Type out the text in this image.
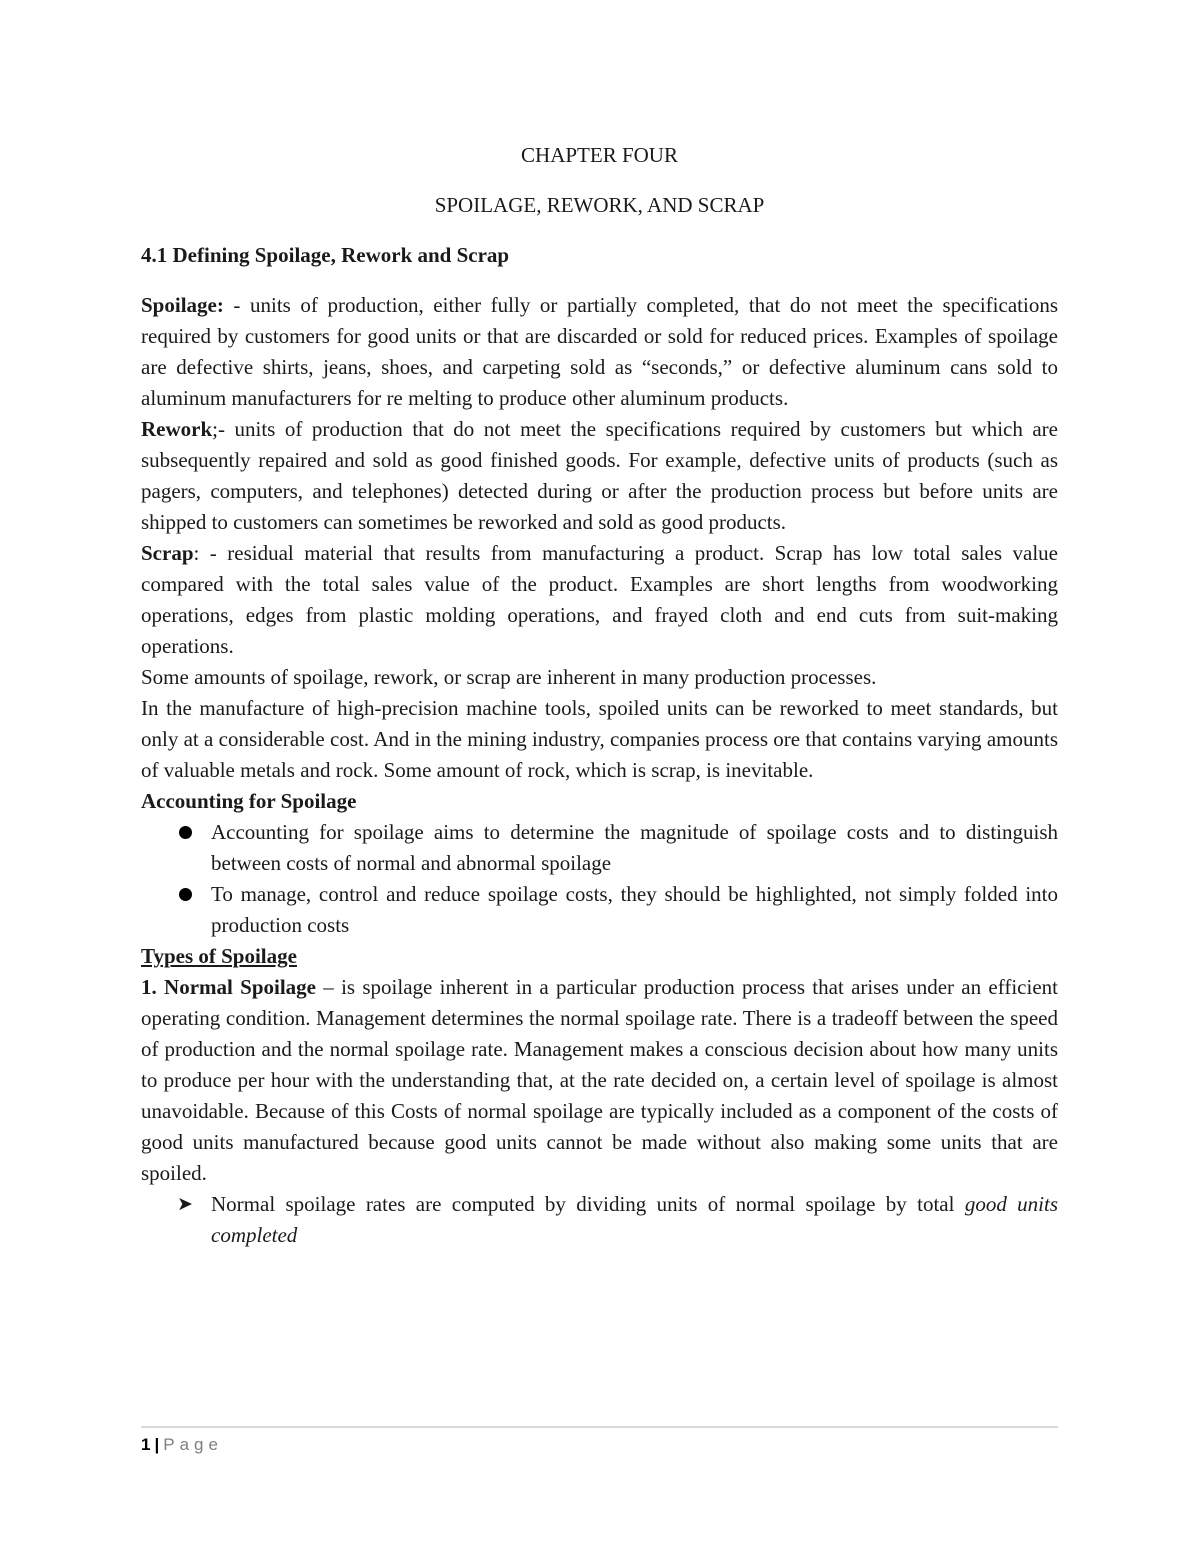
CHAPTER FOUR
SPOILAGE, REWORK, AND SCRAP
4.1 Defining Spoilage, Rework and Scrap

Spoilage: - units of production, either fully or partially completed, that do not meet the specifications required by customers for good units or that are discarded or sold for reduced prices. Examples of spoilage are defective shirts, jeans, shoes, and carpeting sold as “seconds,” or defective aluminum cans sold to aluminum manufacturers for re melting to produce other aluminum products.

Rework;- units of production that do not meet the specifications required by customers but which are subsequently repaired and sold as good finished goods. For example, defective units of products (such as pagers, computers, and telephones) detected during or after the production process but before units are shipped to customers can sometimes be reworked and sold as good products.

Scrap: - residual material that results from manufacturing a product. Scrap has low total sales value compared with the total sales value of the product. Examples are short lengths from woodworking operations, edges from plastic molding operations, and frayed cloth and end cuts from suit-making operations.

Some amounts of spoilage, rework, or scrap are inherent in many production processes.

In the manufacture of high-precision machine tools, spoiled units can be reworked to meet standards, but only at a considerable cost. And in the mining industry, companies process ore that contains varying amounts of valuable metals and rock. Some amount of rock, which is scrap, is inevitable.

Accounting for Spoilage
Accounting for spoilage aims to determine the magnitude of spoilage costs and to distinguish between costs of normal and abnormal spoilage
To manage, control and reduce spoilage costs, they should be highlighted, not simply folded into production costs
Types of Spoilage

1. Normal Spoilage – is spoilage inherent in a particular production process that arises under an efficient operating condition. Management determines the normal spoilage rate. There is a tradeoff between the speed of production and the normal spoilage rate. Management makes a conscious decision about how many units to produce per hour with the understanding that, at the rate decided on, a certain level of spoilage is almost unavoidable. Because of this Costs of normal spoilage are typically included as a component of the costs of good units manufactured because good units cannot be made without also making some units that are spoiled.

➤ Normal spoilage rates are computed by dividing units of normal spoilage by total good units completed
1 | Page
